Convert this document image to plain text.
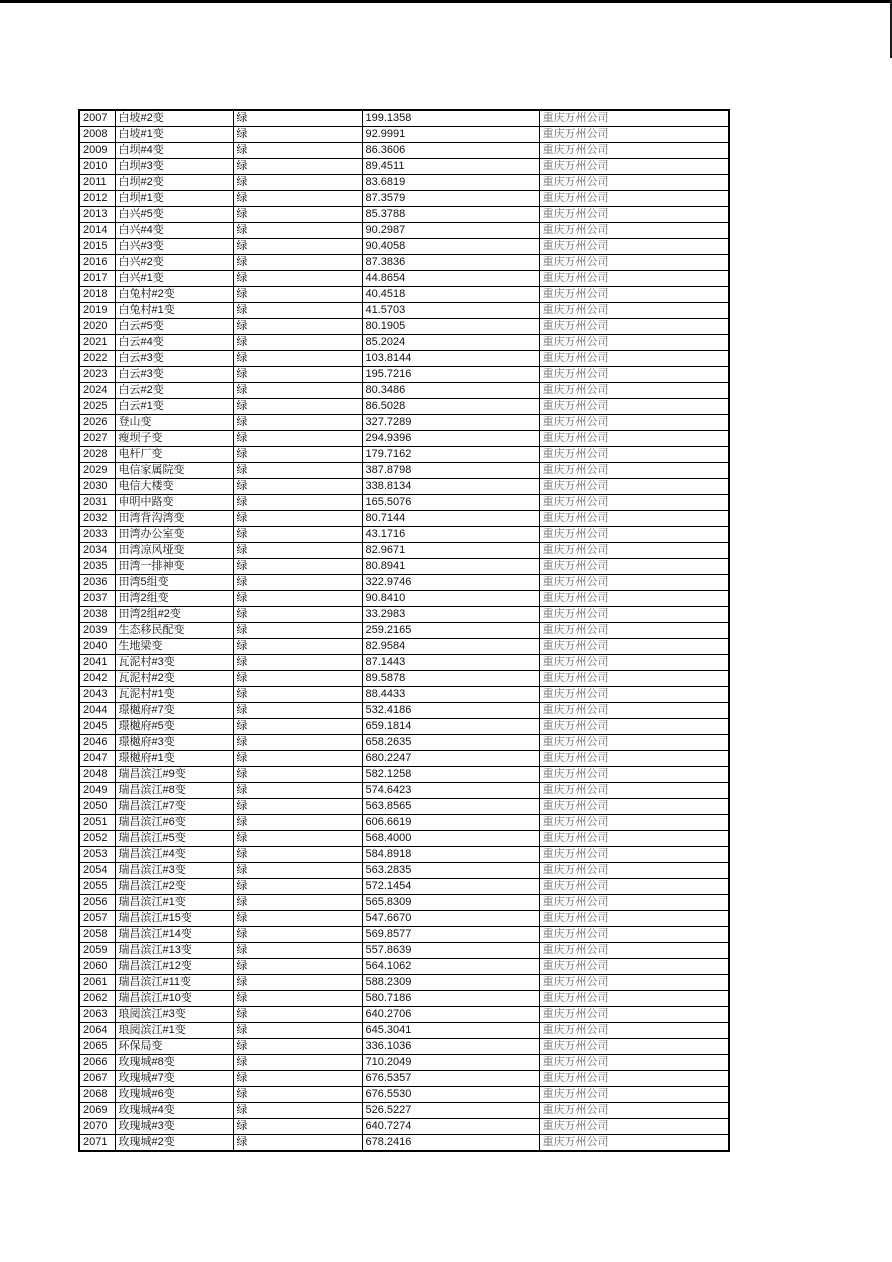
2007	白坡#2变	绿	199.1358	重庆万州公司
2008	白坡#1变	绿	92.9991	重庆万州公司
2009	白坝#4变	绿	86.3606	重庆万州公司
2010	白坝#3变	绿	89.4511	重庆万州公司
2011	白坝#2变	绿	83.6819	重庆万州公司
2012	白坝#1变	绿	87.3579	重庆万州公司
2013	白兴#5变	绿	85.3788	重庆万州公司
2014	白兴#4变	绿	90.2987	重庆万州公司
2015	白兴#3变	绿	90.4058	重庆万州公司
2016	白兴#2变	绿	87.3836	重庆万州公司
2017	白兴#1变	绿	44.8654	重庆万州公司
2018	白兔村#2变	绿	40.4518	重庆万州公司
2019	白兔村#1变	绿	41.5703	重庆万州公司
2020	白云#5变	绿	80.1905	重庆万州公司
2021	白云#4变	绿	85.2024	重庆万州公司
2022	白云#3变	绿	103.8144	重庆万州公司
2023	白云#3变	绿	195.7216	重庆万州公司
2024	白云#2变	绿	80.3486	重庆万州公司
2025	白云#1变	绿	86.5028	重庆万州公司
2026	登山变	绿	327.7289	重庆万州公司
2027	瘦坝子变	绿	294.9396	重庆万州公司
2028	电杆厂变	绿	179.7162	重庆万州公司
2029	电信家属院变	绿	387.8798	重庆万州公司
2030	电信大楼变	绿	338.8134	重庆万州公司
2031	申明中路变	绿	165.5076	重庆万州公司
2032	田湾背沟湾变	绿	80.7144	重庆万州公司
2033	田湾办公室变	绿	43.1716	重庆万州公司
2034	田湾凉风垭变	绿	82.9671	重庆万州公司
2035	田湾一排神变	绿	80.8941	重庆万州公司
2036	田湾5组变	绿	322.9746	重庆万州公司
2037	田湾2组变	绿	90.8410	重庆万州公司
2038	田湾2组#2变	绿	33.2983	重庆万州公司
2039	生态移民配变	绿	259.2165	重庆万州公司
2040	生地梁变	绿	82.9584	重庆万州公司
2041	瓦泥村#3变	绿	87.1443	重庆万州公司
2042	瓦泥村#2变	绿	89.5878	重庆万州公司
2043	瓦泥村#1变	绿	88.4433	重庆万州公司
2044	璟樾府#7变	绿	532.4186	重庆万州公司
2045	璟樾府#5变	绿	659.1814	重庆万州公司
2046	璟樾府#3变	绿	658.2635	重庆万州公司
2047	璟樾府#1变	绿	680.2247	重庆万州公司
2048	瑞昌滨江#9变	绿	582.1258	重庆万州公司
2049	瑞昌滨江#8变	绿	574.6423	重庆万州公司
2050	瑞昌滨江#7变	绿	563.8565	重庆万州公司
2051	瑞昌滨江#6变	绿	606.6619	重庆万州公司
2052	瑞昌滨江#5变	绿	568.4000	重庆万州公司
2053	瑞昌滨江#4变	绿	584.8918	重庆万州公司
2054	瑞昌滨江#3变	绿	563.2835	重庆万州公司
2055	瑞昌滨江#2变	绿	572.1454	重庆万州公司
2056	瑞昌滨江#1变	绿	565.8309	重庆万州公司
2057	瑞昌滨江#15变	绿	547.6670	重庆万州公司
2058	瑞昌滨江#14变	绿	569.8577	重庆万州公司
2059	瑞昌滨江#13变	绿	557.8639	重庆万州公司
2060	瑞昌滨江#12变	绿	564.1062	重庆万州公司
2061	瑞昌滨江#11变	绿	588.2309	重庆万州公司
2062	瑞昌滨江#10变	绿	580.7186	重庆万州公司
2063	琅阅滨江#3变	绿	640.2706	重庆万州公司
2064	琅阅滨江#1变	绿	645.3041	重庆万州公司
2065	环保局变	绿	336.1036	重庆万州公司
2066	玫瑰城#8变	绿	710.2049	重庆万州公司
2067	玫瑰城#7变	绿	676.5357	重庆万州公司
2068	玫瑰城#6变	绿	676.5530	重庆万州公司
2069	玫瑰城#4变	绿	526.5227	重庆万州公司
2070	玫瑰城#3变	绿	640.7274	重庆万州公司
2071	玫瑰城#2变	绿	678.2416	重庆万州公司
